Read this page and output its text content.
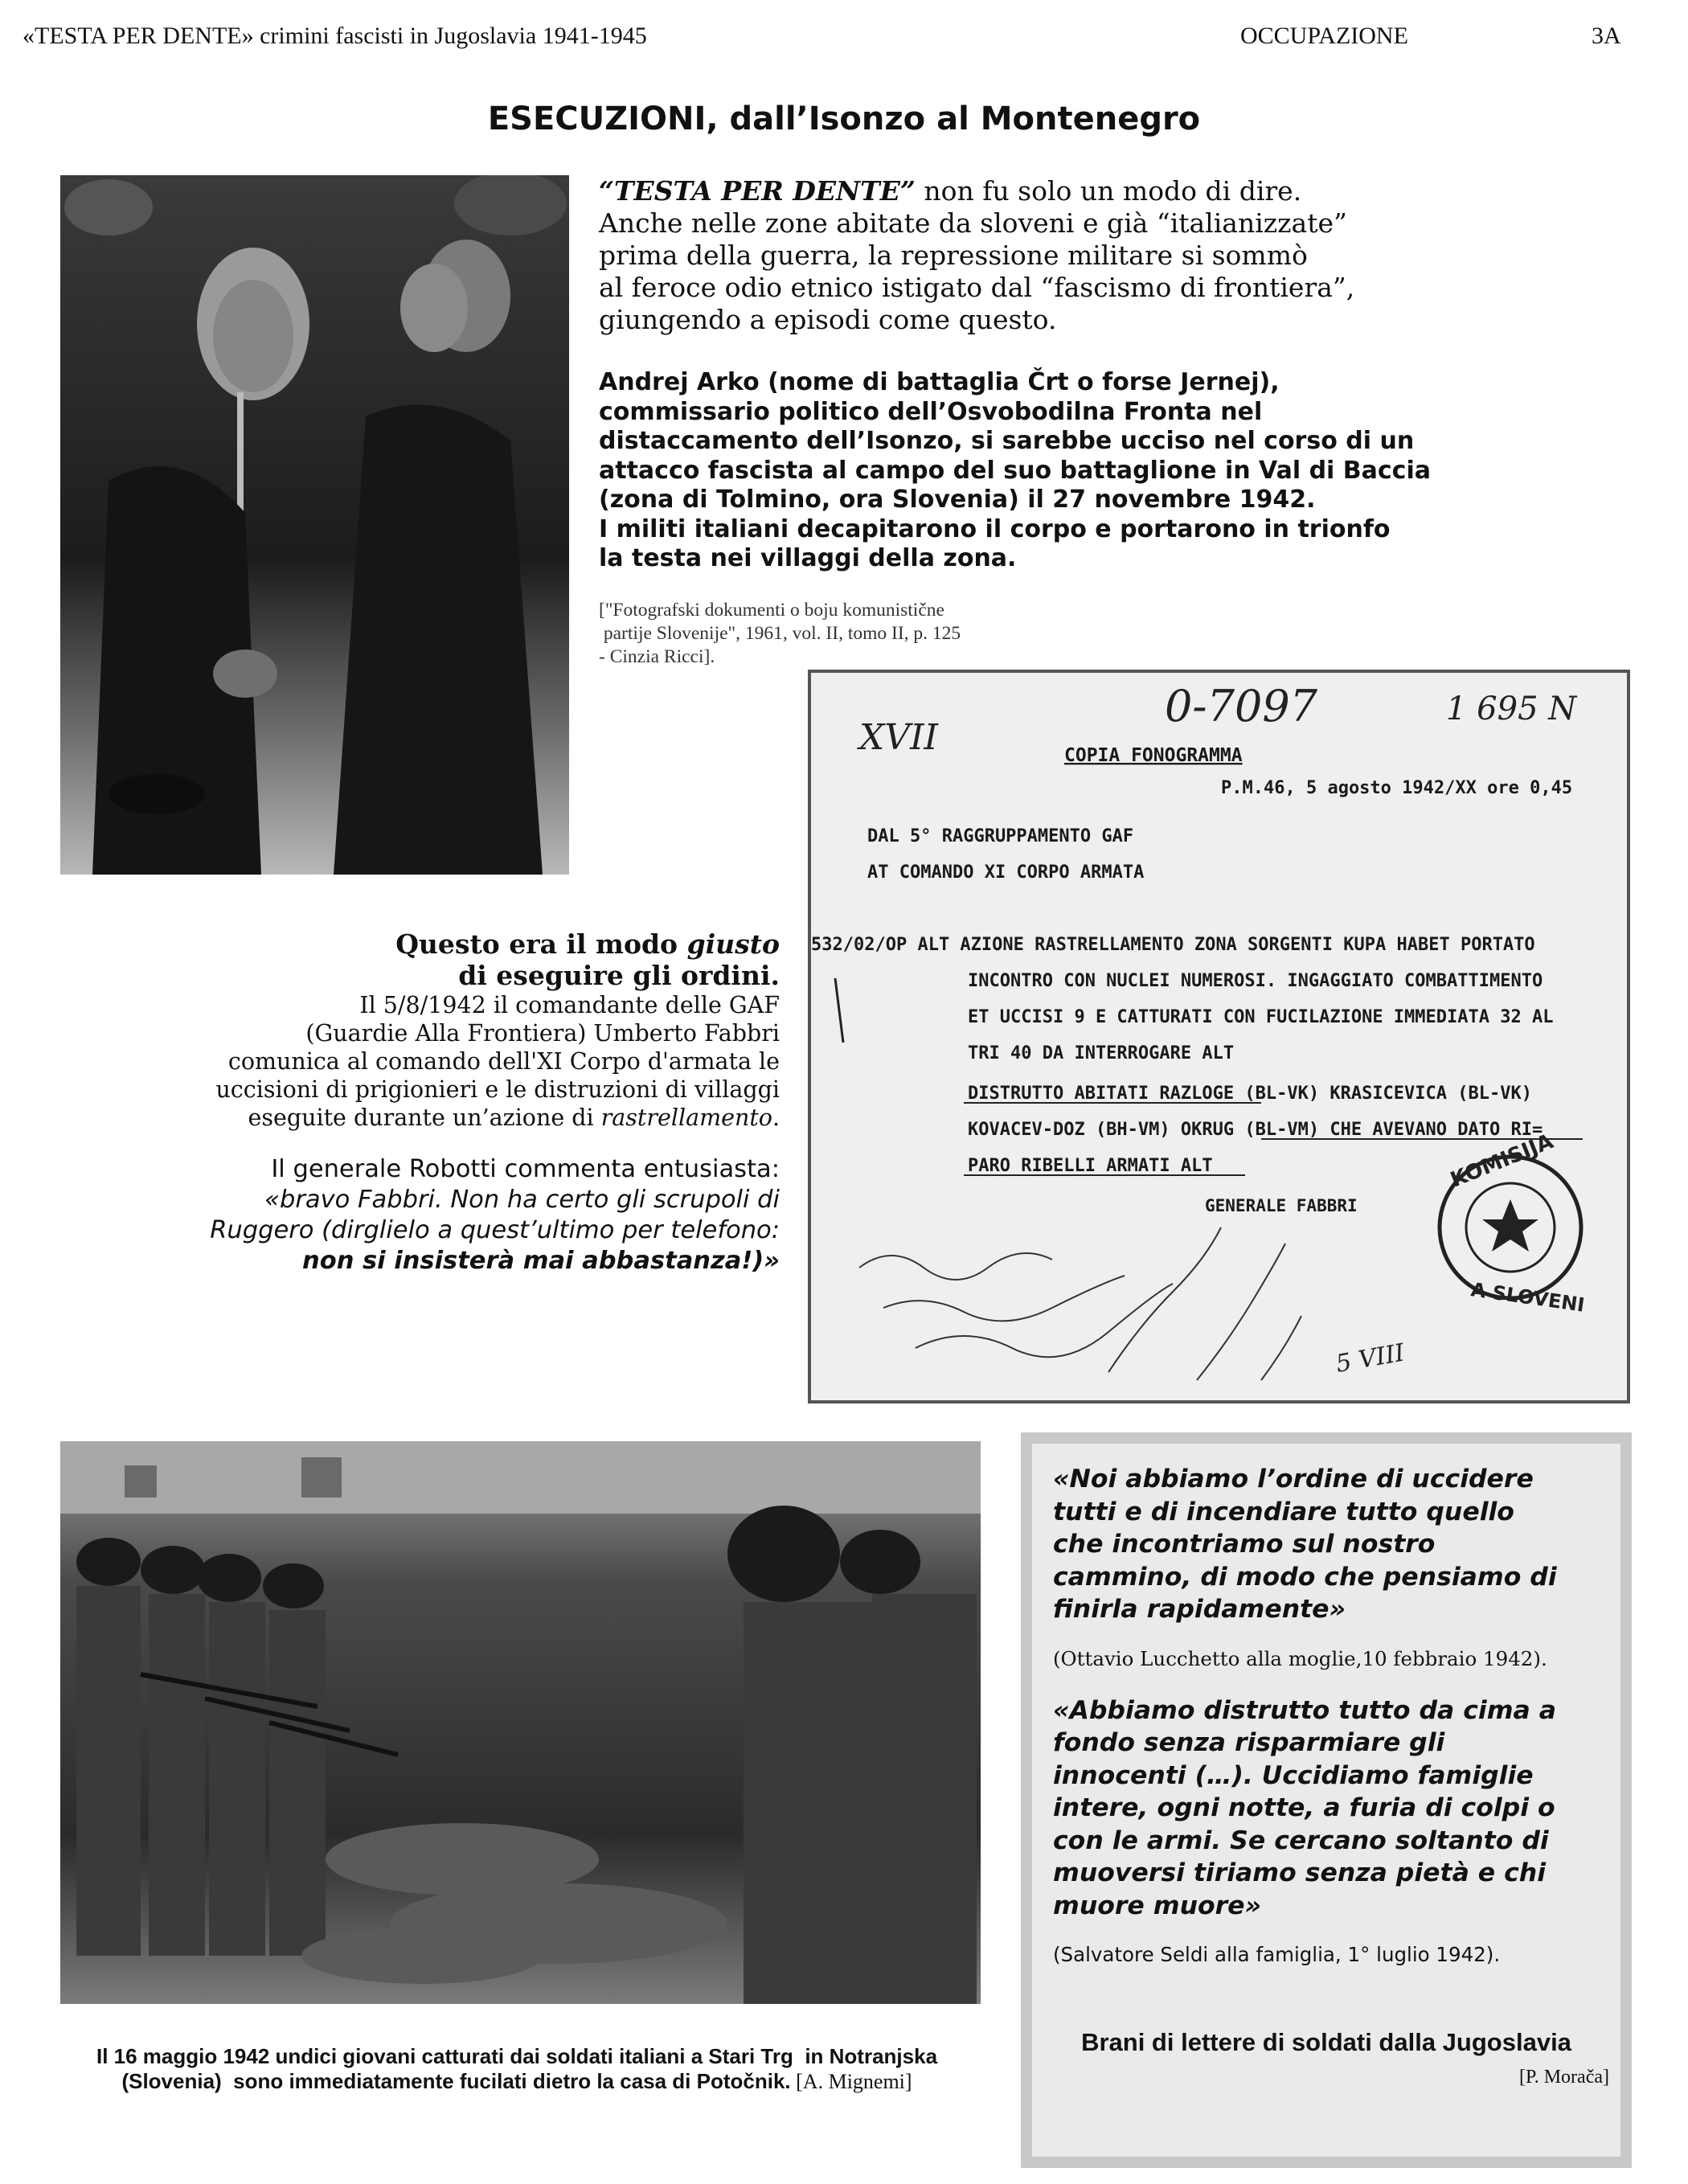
«TESTA PER DENTE» crimini fascisti in Jugoslavia 1941-1945	OCCUPAZIONE	3A
ESECUZIONI, dall’Isonzo al Montenegro
“TESTA PER DENTE” non fu solo un modo di dire.
Anche nelle zone abitate da sloveni e già “italianizzate”
prima della guerra, la repressione militare si sommò
al feroce odio etnico istigato dal “fascismo di frontiera”,
giungendo a episodi come questo.
Andrej Arko (nome di battaglia Črt o forse Jernej),
commissario politico dell’Osvobodilna Fronta nel
distaccamento dell’Isonzo, si sarebbe ucciso nel corso di un
attacco fascista al campo del suo battaglione in Val di Baccia
(zona di Tolmino, ora Slovenia) il 27 novembre 1942.
I militi italiani decapitarono il corpo e portarono in trionfo
la testa nei villaggi della zona.
["Fotografski dokumenti o boju komunistične
partije Slovenije", 1961, vol. II, tomo II, p. 125
- Cinzia Ricci].
XVII
0-7097	1 695 N
COPIA FONOGRAMMA
P.M.46, 5 agosto 1942/XX ore 0,45
DAL 5° RAGGRUPPAMENTO GAF
AT COMANDO XI CORPO ARMATA
532/02/OP ALT AZIONE RASTRELLAMENTO ZONA SORGENTI KUPA HABET PORTATO
INCONTRO CON NUCLEI NUMEROSI. INGAGGIATO COMBATTIMENTO
ET UCCISI 9 E CATTURATI CON FUCILAZIONE IMMEDIATA 32 AL
TRI 40 DA INTERROGARE ALT
DISTRUTTO ABITATI RAZLOGE (BL-VK) KRASICEVICA (BL-VK)
KOVACEV-DOZ (BH-VM) OKRUG (BL-VM) CHE AVEVANO DATO RI=
PARO RIBELLI ARMATI ALT
GENERALE FABBRI
KOMISIJA
A SLOVENI
5 VIII
Questo era il modo giusto
di eseguire gli ordini.
Il 5/8/1942 il comandante delle GAF
(Guardie Alla Frontiera) Umberto Fabbri
comunica al comando dell'XI Corpo d'armata le
uccisioni di prigionieri e le distruzioni di villaggi
eseguite durante un’azione di rastrellamento.
Il generale Robotti commenta entusiasta:
«bravo Fabbri. Non ha certo gli scrupoli di
Ruggero (dirglielo a quest’ultimo per telefono:
non si insisterà mai abbastanza!)»
Il 16 maggio 1942 undici giovani catturati dai soldati italiani a Stari Trg  in Notranjska
(Slovenia)  sono immediatamente fucilati dietro la casa di Potočnik. [A. Mignemi]
«Noi abbiamo l’ordine di uccidere
tutti e di incendiare tutto quello
che incontriamo sul nostro
cammino, di modo che pensiamo di
finirla rapidamente»
(Ottavio Lucchetto alla moglie,10 febbraio 1942).
«Abbiamo distrutto tutto da cima a
fondo senza risparmiare gli
innocenti (…). Uccidiamo famiglie
intere, ogni notte, a furia di colpi o
con le armi. Se cercano soltanto di
muoversi tiriamo senza pietà e chi
muore muore»
(Salvatore Seldi alla famiglia, 1° luglio 1942).
Brani di lettere di soldati dalla Jugoslavia
[P. Morača]
